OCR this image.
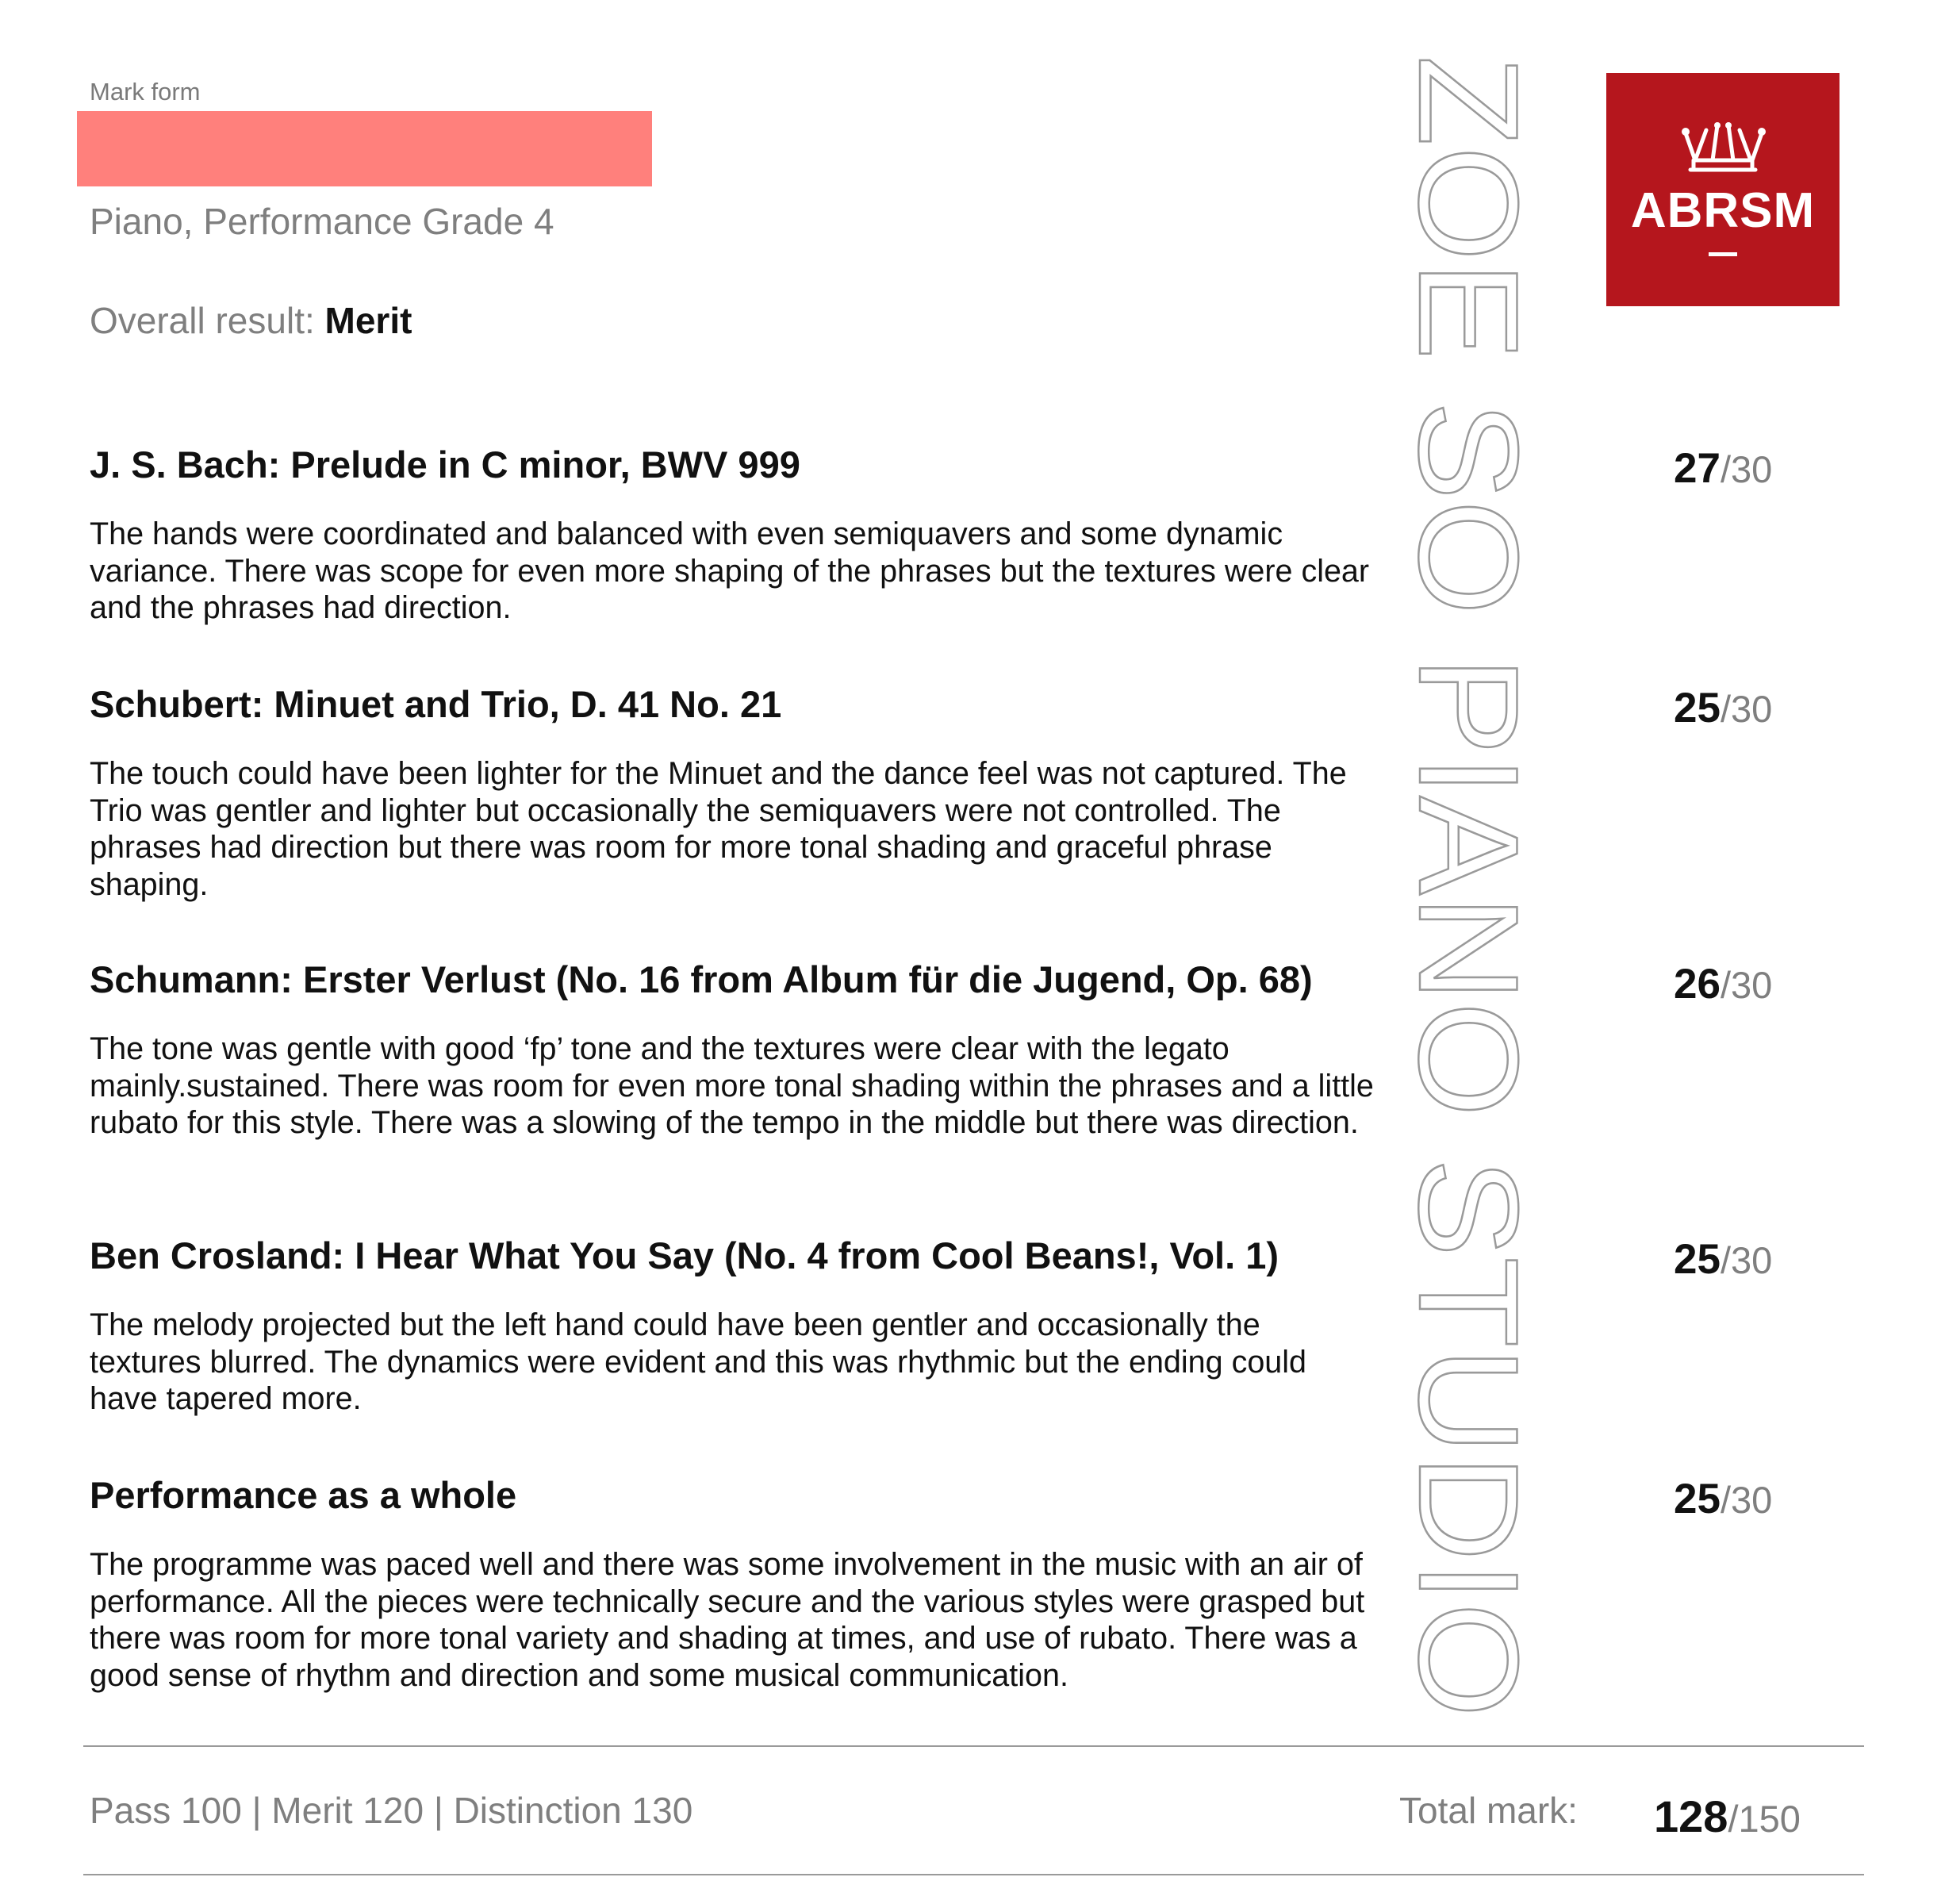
Mark form
Piano, Performance Grade 4
Overall result: Merit	ZOE SO PIANO STUDIO	ABRSM
J. S. Bach: Prelude in C minor, BWV 999
The hands were coordinated and balanced with even semiquavers and some dynamic variance. There was scope for even more shaping of the phrases but the textures were clear and the phrases had direction.
27/30
Schubert: Minuet and Trio, D. 41 No. 21
The touch could have been lighter for the Minuet and the dance feel was not captured. The Trio was gentler and lighter but occasionally the semiquavers were not controlled. The phrases had direction but there was room for more tonal shading and graceful phrase shaping.
25/30
Schumann: Erster Verlust (No. 16 from Album für die Jugend, Op. 68)
The tone was gentle with good ‘fp’ tone and the textures were clear with the legato mainly.sustained. There was room for even more tonal shading within the phrases and a little rubato for this style. There was a slowing of the tempo in the middle but there was direction.
26/30
Ben Crosland: I Hear What You Say (No. 4 from Cool Beans!, Vol. 1)
The melody projected but the left hand could have been gentler and occasionally the textures blurred. The dynamics were evident and this was rhythmic but the ending could have tapered more.
25/30
Performance as a whole
The programme was paced well and there was some involvement in the music with an air of performance. All the pieces were technically secure and the various styles were grasped but there was room for more tonal variety and shading at times, and use of rubato. There was a good sense of rhythm and direction and some musical communication.
25/30
Pass 100 | Merit 120 | Distinction 130	Total mark: 128/150
